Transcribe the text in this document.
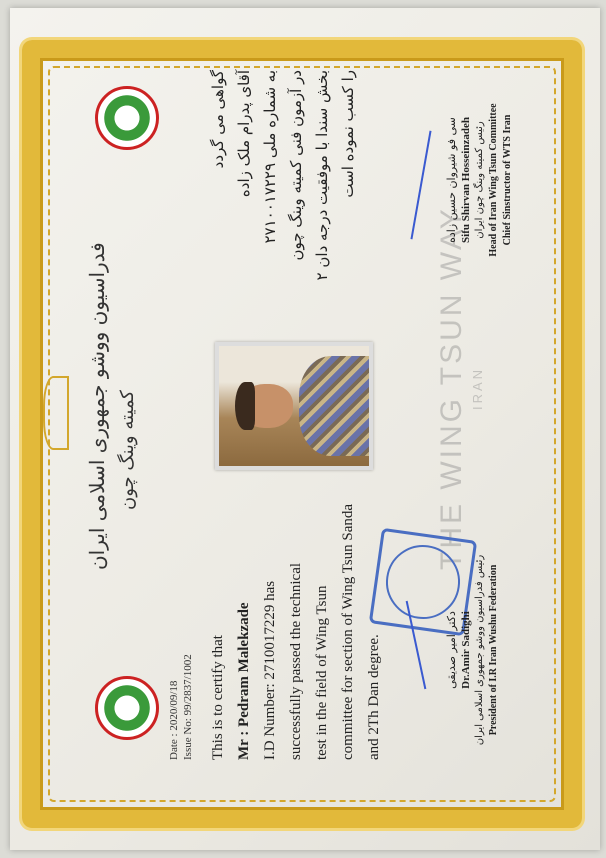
فدراسیون ووشو جمهوری اسلامی ایران کمیته وینگ چون
Date : 2020/09/18 Issue No: 99/2837/1002	This is to certify that Mr : Pedram Malekzade I.D Number: 2710017229 has successfully passed the technical test in the field of Wing Tsun committee for section of Wing Tsun Sanda and 2Th Dan degree.
گواهی می گردد آقای پدرام ملک زاده
به شماره ملی ۲۷۱۰۰۱۷۲۲۹ در آزمون فنی کمیته وینگ چون
بخش سندا با موفقیت درجه دان ۲ را کسب نموده است
THE WING TSUN WAY IRAN
دکتر امیر صدیقی Dr.Amir Sadighi رئیس فدراسیون ووشو جمهوری اسلامی ایران President of I.R Iran Wushu Federation
سی فو شیروان حسین زاده Sifu Shirvan Hosseinzadeh رئیس کمیته وینگ چون ایران Head of Iran Wing Tsun Committee Chief Sinstructor of WTS Iran
